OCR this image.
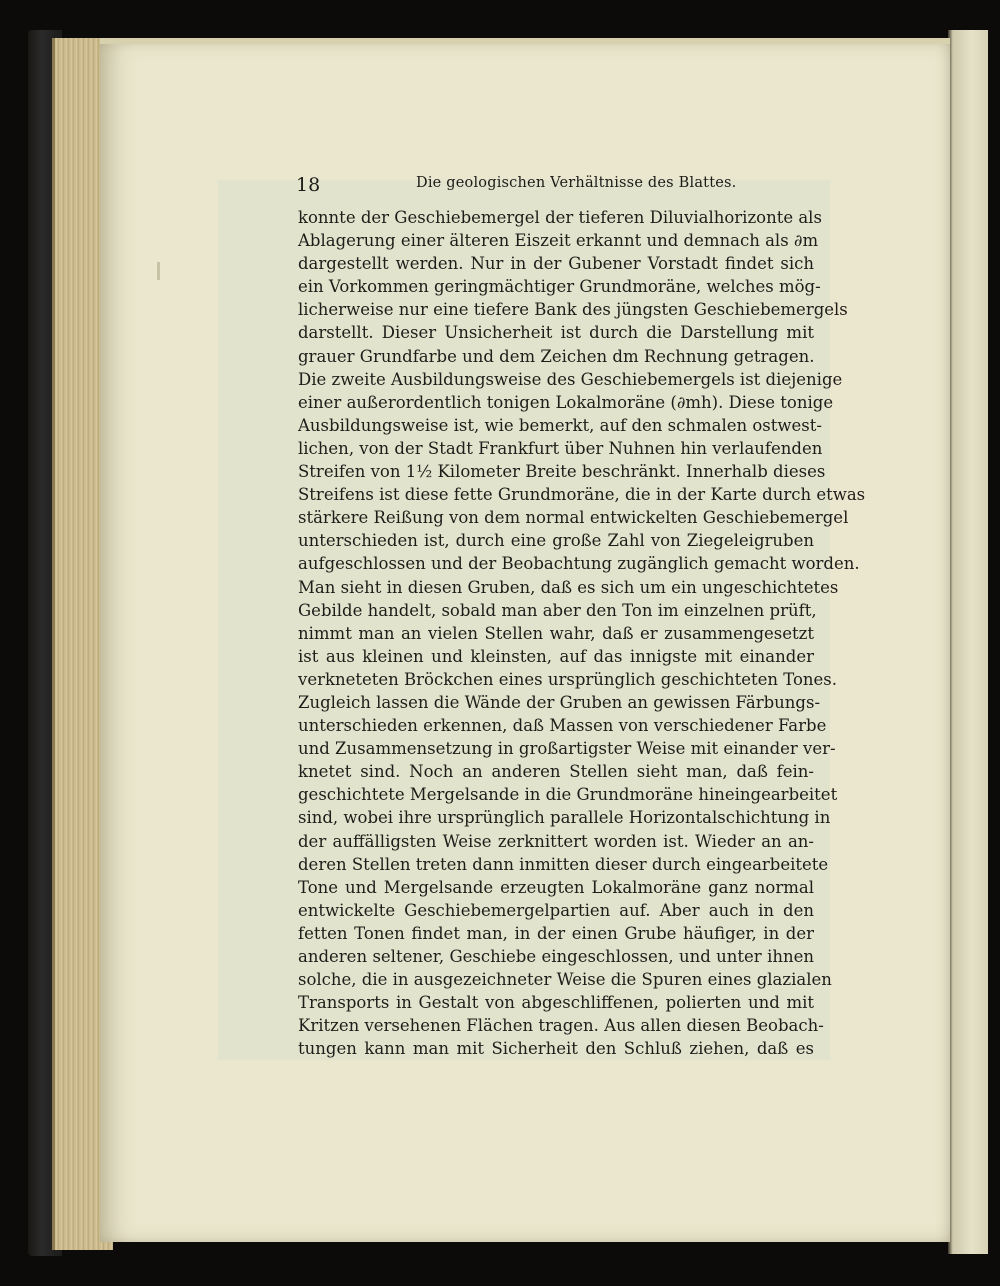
18	Die geologischen Verhältnisse des Blattes.
konnte der Geschiebemergel der tieferen Diluvialhorizonte als
Ablagerung einer älteren Eiszeit erkannt und demnach als ∂m
dargestellt werden. Nur in der Gubener Vorstadt findet sich
ein Vorkommen geringmächtiger Grundmoräne, welches mög-
licherweise nur eine tiefere Bank des jüngsten Geschiebemergels
darstellt. Dieser Unsicherheit ist durch die Darstellung mit
grauer Grundfarbe und dem Zeichen dm Rechnung getragen.
Die zweite Ausbildungsweise des Geschiebemergels ist diejenige
einer außerordentlich tonigen Lokalmoräne (∂mh). Diese tonige
Ausbildungsweise ist, wie bemerkt, auf den schmalen ostwest-
lichen, von der Stadt Frankfurt über Nuhnen hin verlaufenden
Streifen von 1½ Kilometer Breite beschränkt. Innerhalb dieses
Streifens ist diese fette Grundmoräne, die in der Karte durch etwas
stärkere Reißung von dem normal entwickelten Geschiebemergel
unterschieden ist, durch eine große Zahl von Ziegeleigruben
aufgeschlossen und der Beobachtung zugänglich gemacht worden.
Man sieht in diesen Gruben, daß es sich um ein ungeschichtetes
Gebilde handelt, sobald man aber den Ton im einzelnen prüft,
nimmt man an vielen Stellen wahr, daß er zusammengesetzt
ist aus kleinen und kleinsten, auf das innigste mit einander
verkneteten Bröckchen eines ursprünglich geschichteten Tones.
Zugleich lassen die Wände der Gruben an gewissen Färbungs-
unterschieden erkennen, daß Massen von verschiedener Farbe
und Zusammensetzung in großartigster Weise mit einander ver-
knetet sind. Noch an anderen Stellen sieht man, daß fein-
geschichtete Mergelsande in die Grundmoräne hineingearbeitet
sind, wobei ihre ursprünglich parallele Horizontalschichtung in
der auffälligsten Weise zerknittert worden ist. Wieder an an-
deren Stellen treten dann inmitten dieser durch eingearbeitete
Tone und Mergelsande erzeugten Lokalmoräne ganz normal
entwickelte Geschiebemergelpartien auf. Aber auch in den
fetten Tonen findet man, in der einen Grube häufiger, in der
anderen seltener, Geschiebe eingeschlossen, und unter ihnen
solche, die in ausgezeichneter Weise die Spuren eines glazialen
Transports in Gestalt von abgeschliffenen, polierten und mit
Kritzen versehenen Flächen tragen. Aus allen diesen Beobach-
tungen kann man mit Sicherheit den Schluß ziehen, daß es
